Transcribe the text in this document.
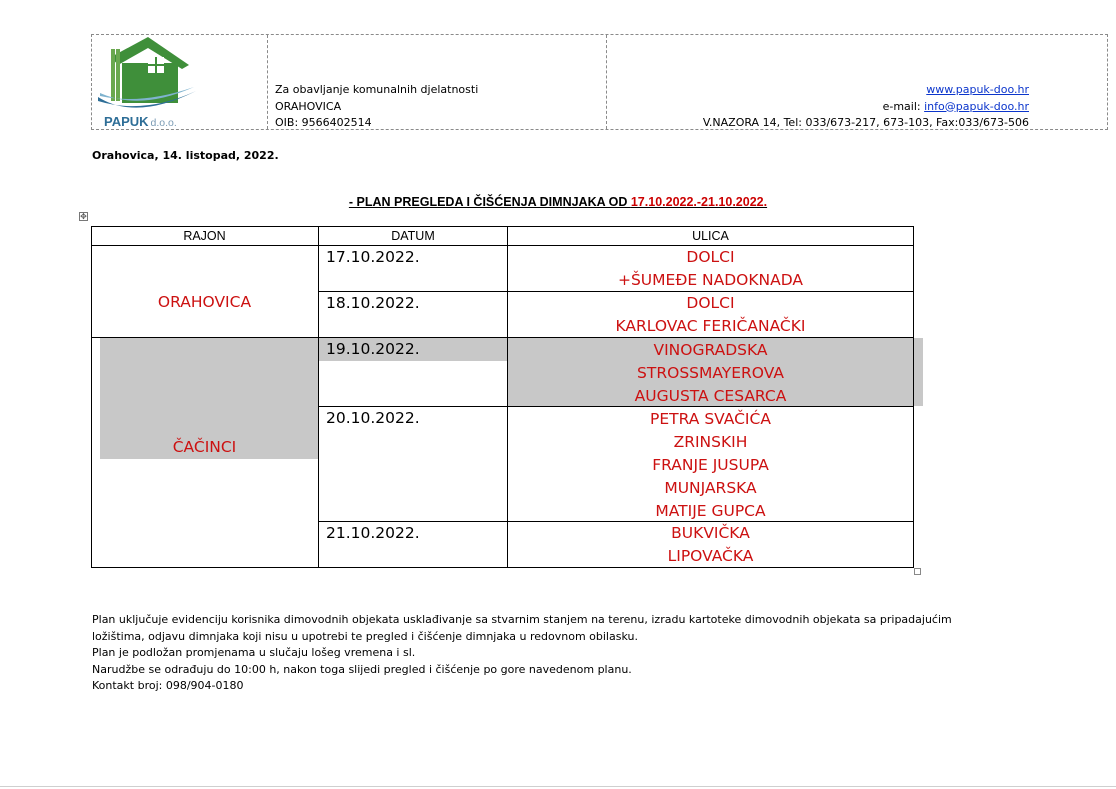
PAPUK d.o.o.
Za obavljanje komunalnih djelatnosti
ORAHOVICA
OIB: 9566402514
www.papuk-doo.hr
e-mail: info@papuk-doo.hr
V.NAZORA 14, Tel: 033/673-217, 673-103, Fax:033/673-506
Orahovica, 14. listopad, 2022.
- PLAN PREGLEDA I ČIŠĆENJA DIMNJAKA OD 17.10.2022.-21.10.2022.
✥
RAJON	DATUM	ULICA
ORAHOVICA
ČAČINCI
17.10.2022.
18.10.2022.
19.10.2022.
20.10.2022.
21.10.2022.
DOLCI
+ŠUMEĐE NADOKNADA
DOLCI
KARLOVAC FERIČANAČKI
VINOGRADSKA
STROSSMAYEROVA
AUGUSTA CESARCA
PETRA SVAČIĆA
ZRINSKIH
FRANJE JUSUPA
MUNJARSKA
MATIJE GUPCA
BUKVIČKA
LIPOVAČKA
Plan uključuje evidenciju korisnika dimovodnih objekata usklađivanje sa stvarnim stanjem na terenu, izradu kartoteke dimovodnih objekata sa pripadajućim
ložištima, odjavu dimnjaka koji nisu u upotrebi te pregled i čišćenje dimnjaka u redovnom obilasku.
Plan je podložan promjenama u slučaju lošeg vremena i sl.
Narudžbe se odrađuju do 10:00 h, nakon toga slijedi pregled i čišćenje po gore navedenom planu.
Kontakt broj: 098/904-0180
